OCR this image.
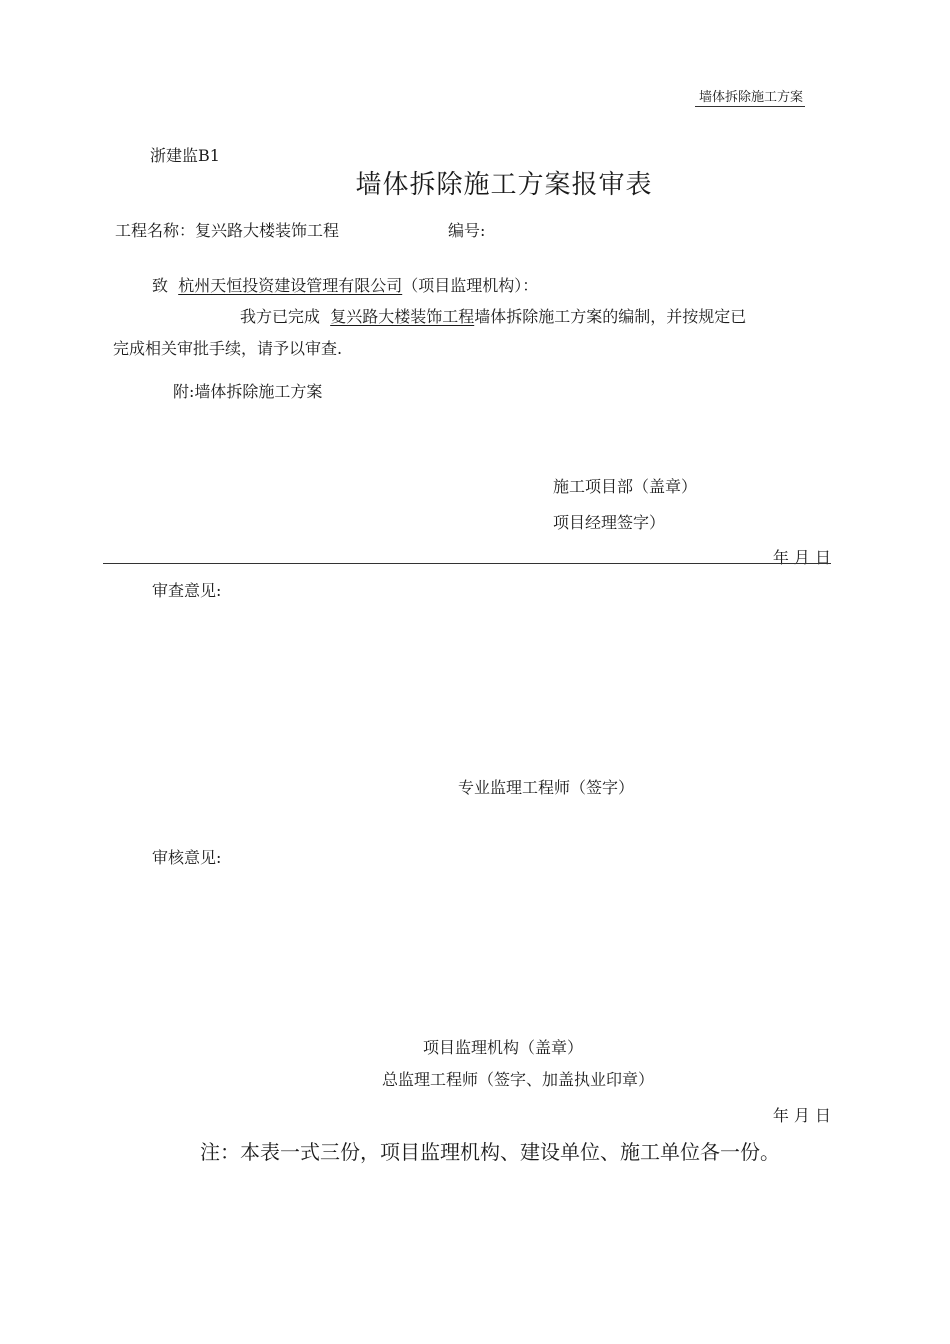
墙体拆除施工方案
浙建监B1
墙体拆除施工方案报审表
工程名称：复兴路大楼装饰工程	编号:
致 杭州天恒投资建设管理有限公司（项目监理机构）：
我方已完成 复兴路大楼装饰工程墙体拆除施工方案的编制，并按规定已
完成相关审批手续，请予以审查.
附:墙体拆除施工方案
施工项目部（盖章）
项目经理签字）
年 月 日
审查意见:
专业监理工程师（签字）
审核意见:
项目监理机构（盖章）
总监理工程师（签字、加盖执业印章）
年 月 日
注：本表一式三份，项目监理机构、建设单位、施工单位各一份。
